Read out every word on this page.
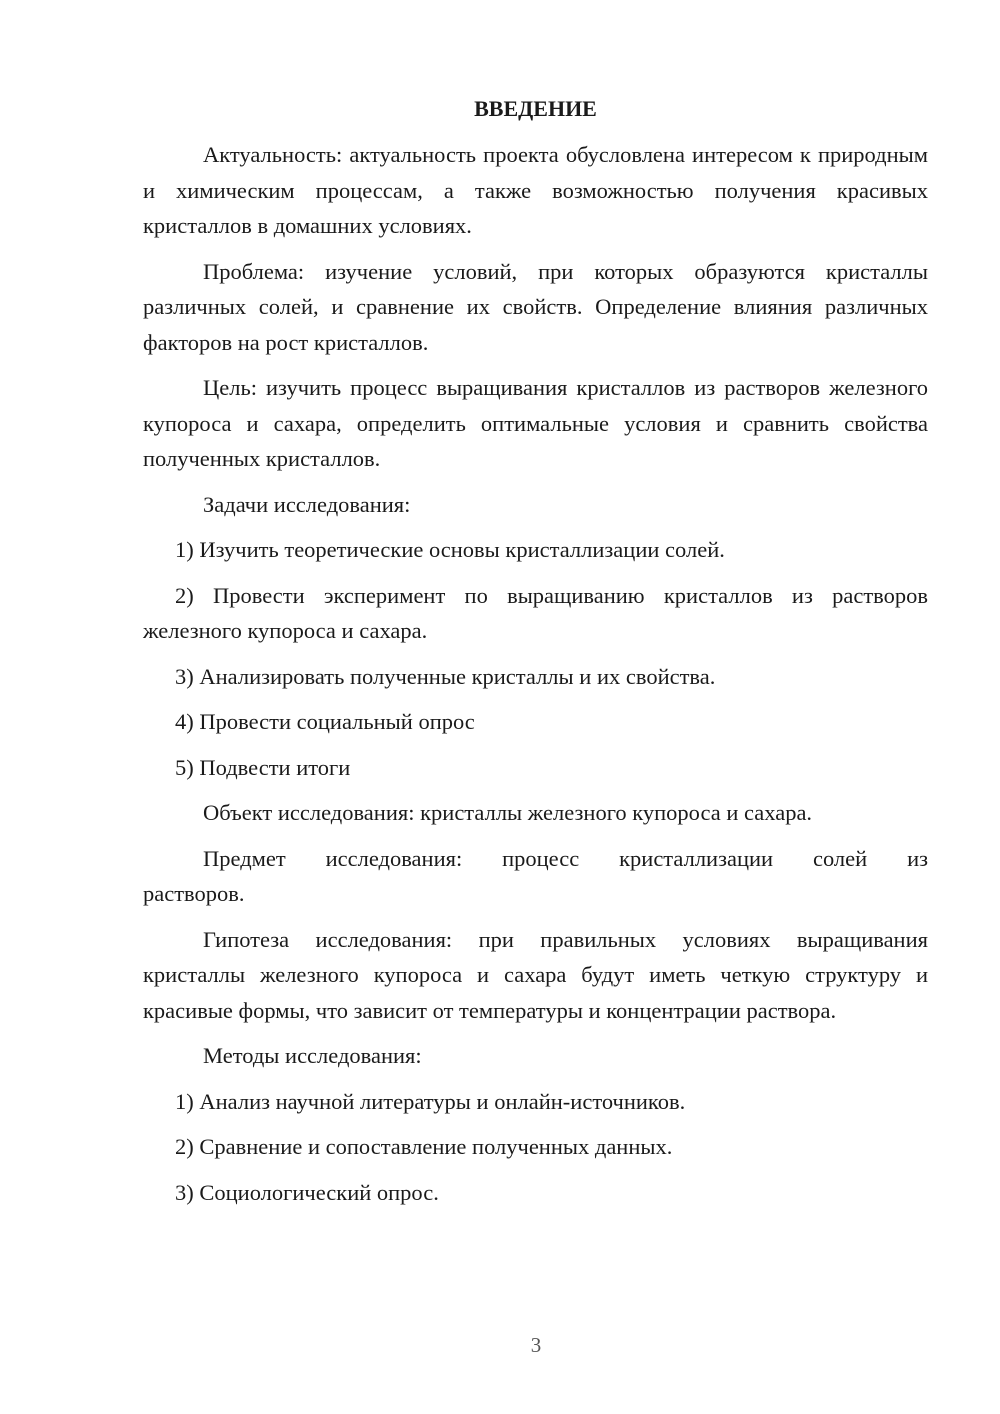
ВВЕДЕНИЕ

Актуальность: актуальность проекта обусловлена интересом к природным и химическим процессам, а также возможностью получения красивых кристаллов в домашних условиях.

Проблема: изучение условий, при которых образуются кристаллы различных солей, и сравнение их свойств. Определение влияния различных факторов на рост кристаллов.

Цель: изучить процесс выращивания кристаллов из растворов железного купороса и сахара, определить оптимальные условия и сравнить свойства полученных кристаллов.

Задачи исследования:

1) Изучить теоретические основы кристаллизации солей.

2) Провести эксперимент по выращиванию кристаллов из растворов железного купороса и сахара.

3) Анализировать полученные кристаллы и их свойства.

4) Провести социальный опрос

5) Подвести итоги

Объект исследования: кристаллы железного купороса и сахара.

Предмет исследования: процесс кристаллизации солей из растворов.

Гипотеза исследования: при правильных условиях выращивания кристаллы железного купороса и сахара будут иметь четкую структуру и красивые формы, что зависит от температуры и концентрации раствора.

Методы исследования:

1) Анализ научной литературы и онлайн-источников.

2) Сравнение и сопоставление полученных данных.

3) Социологический опрос.

3
